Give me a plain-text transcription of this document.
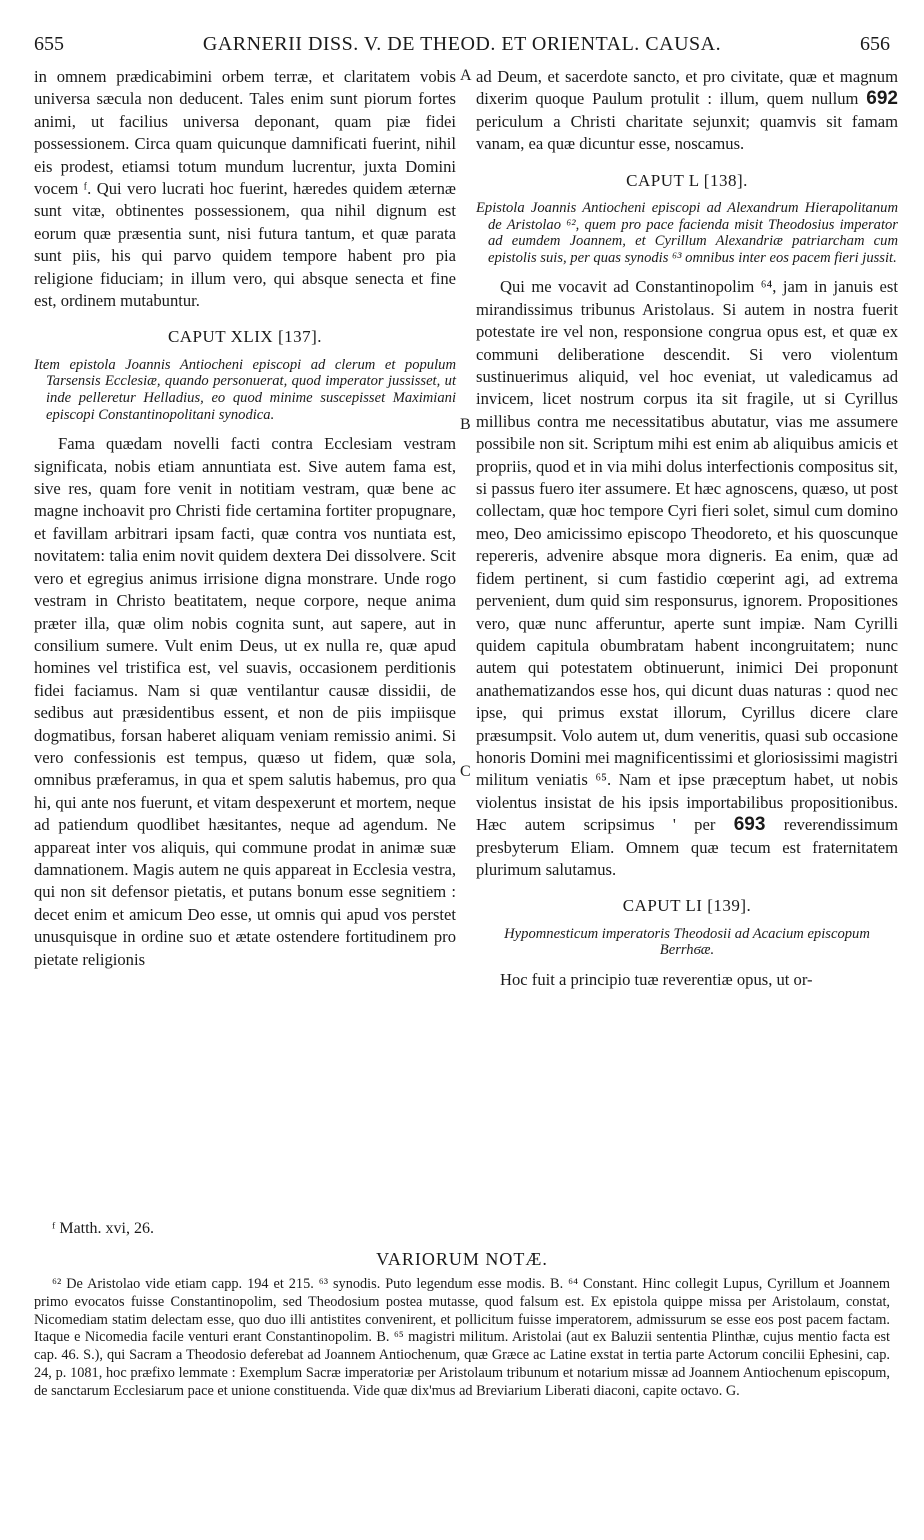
655	GARNERII DISS. V. DE THEOD. ET ORIENTAL. CAUSA.	656

in omnem prædicabimini orbem terræ, et claritatem vobis universa sæcula non deducent. Tales enim sunt piorum fortes animi, ut facilius universa deponant, quam piæ fidei possessionem. Circa quam quicunque damnificati fuerint, nihil eis prodest, etiamsi totum mundum lucrentur, juxta Domini vocem ᶠ. Qui vero lucrati hoc fuerint, hæredes quidem æternæ sunt vitæ, obtinentes possessionem, qua nihil dignum est eorum quæ præsentia sunt, nisi futura tantum, et quæ parata sunt piis, his qui parvo quidem tempore habent pro pia religione fiduciam; in illum vero, qui absque senecta et fine est, ordinem mutabuntur.

CAPUT XLIX [137].
Item epistola Joannis Antiocheni episcopi ad clerum et populum Tarsensis Ecclesiæ, quando personuerat, quod imperator jussisset, ut inde pelleretur Helladius, eo quod minime suscepisset Maximiani episcopi Constantinopolitani synodica.

Fama quædam novelli facti contra Ecclesiam vestram significata, nobis etiam annuntiata est. Sive autem fama est, sive res, quam fore venit in notitiam vestram, quæ bene ac magne inchoavit pro Christi fide certamina fortiter propugnare, et favillam arbitrari ipsam facti, quæ contra vos nuntiata est, novitatem: talia enim novit quidem dextera Dei dissolvere. Scit vero et egregius animus irrisione digna monstrare. Unde rogo vestram in Christo beatitatem, neque corpore, neque anima præter illa, quæ olim nobis cognita sunt, aut sapere, aut in consilium sumere. Vult enim Deus, ut ex nulla re, quæ apud homines vel tristifica est, vel suavis, occasionem perditionis fidei faciamus. Nam si quæ ventilantur causæ dissidii, de sedibus aut præsidentibus essent, et non de piis impiisque dogmatibus, forsan haberet aliquam veniam remissio animi. Si vero confessionis est tempus, quæso ut fidem, quæ sola, omnibus præferamus, in qua et spem salutis habemus, pro qua hi, qui ante nos fuerunt, et vitam despexerunt et mortem, neque ad patiendum quodlibet hæsitantes, neque ad agendum. Ne appareat inter vos aliquis, qui commune prodat in animæ suæ damnationem. Magis autem ne quis appareat in Ecclesia vestra, qui non sit defensor pietatis, et putans bonum esse segnitiem : decet enim et amicum Deo esse, ut omnis qui apud vos perstet unusquisque in ordine suo et ætate ostendere fortitudinem pro pietate religionis

A
B
C

ad Deum, et sacerdote sancto, et pro civitate, quæ et magnum dixerim quoque Paulum protulit : illum, quem nullum 692 periculum a Christi charitate sejunxit; quamvis sit famam vanam, ea quæ dicuntur esse, noscamus.

CAPUT L [138].
Epistola Joannis Antiocheni episcopi ad Alexandrum Hierapolitanum de Aristolao ⁶², quem pro pace facienda misit Theodosius imperator ad eumdem Joannem, et Cyrillum Alexandriæ patriarcham cum epistolis suis, per quas synodis ⁶³ omnibus inter eos pacem fieri jussit.

Qui me vocavit ad Constantinopolim ⁶⁴, jam in januis est mirandissimus tribunus Aristolaus. Si autem in nostra fuerit potestate ire vel non, responsione congrua opus est, et quæ ex communi deliberatione descendit. Si vero violentum sustinuerimus aliquid, vel hoc eveniat, ut valedicamus ad invicem, licet nostrum corpus ita sit fragile, ut si Cyrillus millibus contra me necessitatibus abutatur, vias me assumere possibile non sit. Scriptum mihi est enim ab aliquibus amicis et propriis, quod et in via mihi dolus interfectionis compositus sit, si passus fuero iter assumere. Et hæc agnoscens, quæso, ut post collectam, quæ hoc tempore Cyri fieri solet, simul cum domino meo, Deo amicissimo episcopo Theodoreto, et his quoscunque repereris, advenire absque mora digneris. Ea enim, quæ ad fidem pertinent, si cum fastidio cœperint agi, ad extrema pervenient, dum quid sim responsurus, ignorem. Propositiones vero, quæ nunc afferuntur, aperte sunt impiæ. Nam Cyrilli quidem capitula obumbratam habent incongruitatem; nunc autem qui potestatem obtinuerunt, inimici Dei proponunt anathematizandos esse hos, qui dicunt duas naturas : quod nec ipse, qui primus exstat illorum, Cyrillus dicere clare præsumpsit. Volo autem ut, dum veneritis, quasi sub occasione honoris Domini mei magnificentissimi et gloriosissimi magistri militum veniatis ⁶⁵. Nam et ipse præceptum habet, ut nobis violentus insistat de his ipsis importabilibus propositionibus. Hæc autem scripsimus ' per 693 reverendissimum presbyterum Eliam. Omnem quæ tecum est fraternitatem plurimum salutamus.

CAPUT LI [139].
Hypomnesticum imperatoris Theodosii ad Acacium episcopum Berrhϭæ.

Hoc fuit a principio tuæ reverentiæ opus, ut or-

ᶠ Matth. xvi, 26.
VARIORUM NOTÆ.

⁶² De Aristolao vide etiam capp. 194 et 215. ⁶³ synodis. Puto legendum esse modis. B. ⁶⁴ Constant. Hinc collegit Lupus, Cyrillum et Joannem primo evocatos fuisse Constantinopolim, sed Theodosium postea mutasse, quod falsum est. Ex epistola quippe missa per Aristolaum, constat, Nicomediam statim delectam esse, quo duo illi antistites convenirent, et pollicitum fuisse imperatorem, admissurum se esse eos post pacem factam. Itaque e Nicomedia facile venturi erant Constantinopolim. B. ⁶⁵ magistri militum. Aristolai (aut ex Baluzii sententia Plinthæ, cujus mentio facta est cap. 46. S.), qui Sacram a Theodosio deferebat ad Joannem Antiochenum, quæ Græce ac Latine exstat in tertia parte Actorum concilii Ephesini, cap. 24, p. 1081, hoc præfixo lemmate : Exemplum Sacræ imperatoriæ per Aristolaum tribunum et notarium missæ ad Joannem Antiochenum episcopum, de sanctarum Ecclesiarum pace et unione constituenda. Vide quæ dix'mus ad Breviarium Liberati diaconi, capite octavo. G.
